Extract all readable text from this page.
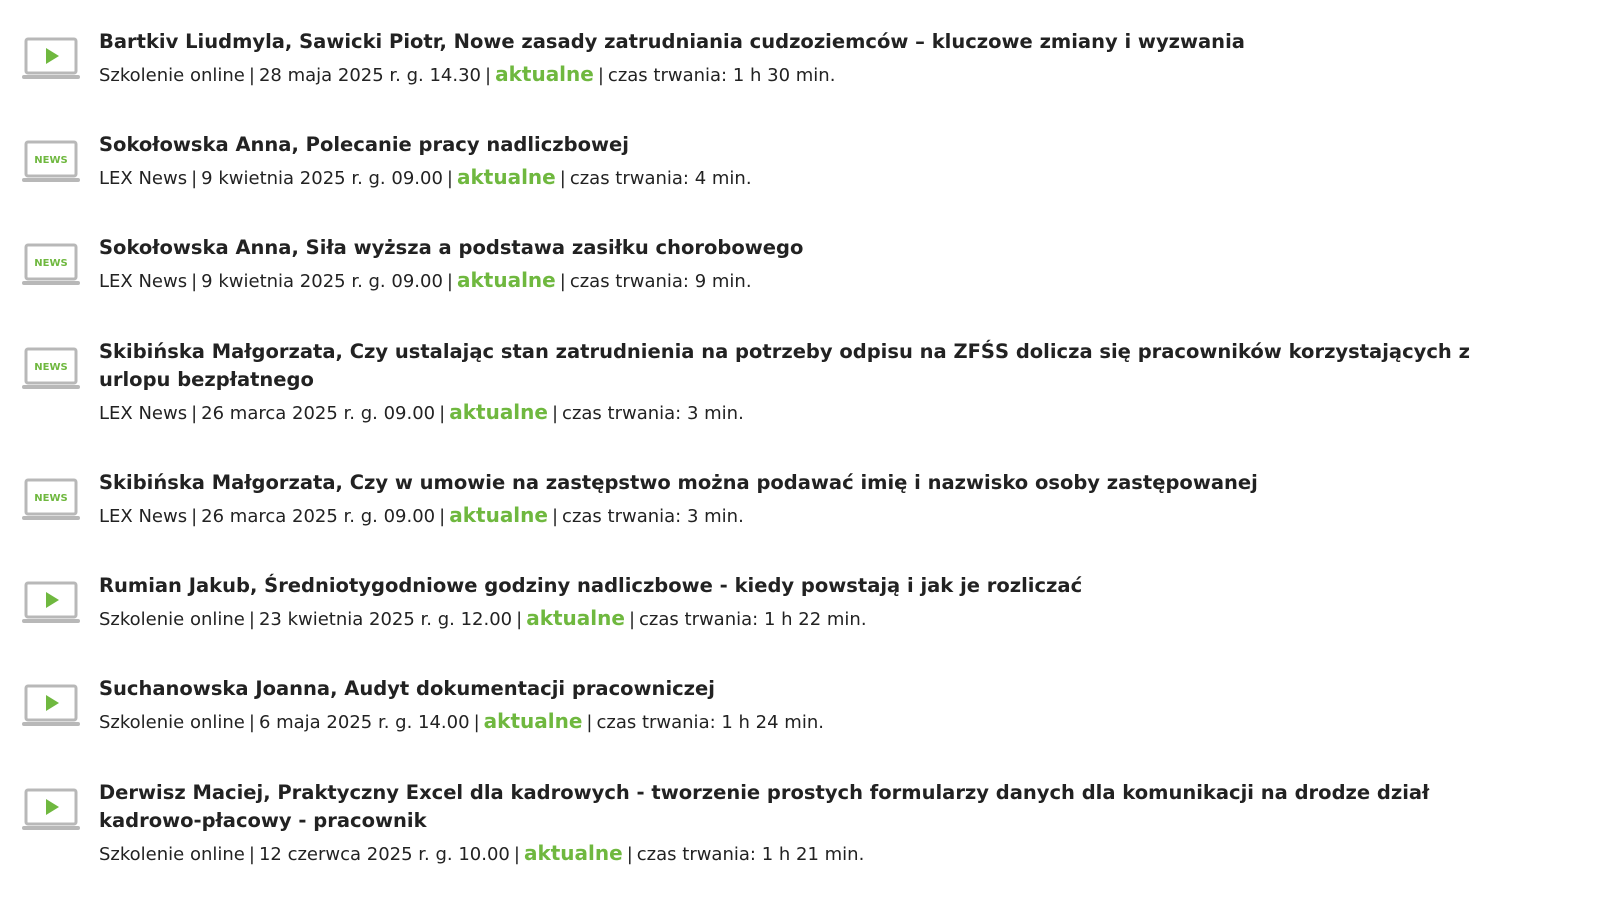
Bartkiv Liudmyla, Sawicki Piotr, Nowe zasady zatrudniania cudzoziemców – kluczowe zmiany i wyzwania
Szkolenie online | 28 maja 2025 r. g. 14.30 | aktualne | czas trwania: 1 h 30 min.
NEWS
Sokołowska Anna, Polecanie pracy nadliczbowej
LEX News | 9 kwietnia 2025 r. g. 09.00 | aktualne | czas trwania: 4 min.
NEWS
Sokołowska Anna, Siła wyższa a podstawa zasiłku chorobowego
LEX News | 9 kwietnia 2025 r. g. 09.00 | aktualne | czas trwania: 9 min.
NEWS
Skibińska Małgorzata, Czy ustalając stan zatrudnienia na potrzeby odpisu na ZFŚS dolicza się pracowników korzystających z urlopu bezpłatnego
LEX News | 26 marca 2025 r. g. 09.00 | aktualne | czas trwania: 3 min.
NEWS
Skibińska Małgorzata, Czy w umowie na zastępstwo można podawać imię i nazwisko osoby zastępowanej
LEX News | 26 marca 2025 r. g. 09.00 | aktualne | czas trwania: 3 min.
Rumian Jakub, Średniotygodniowe godziny nadliczbowe - kiedy powstają i jak je rozliczać
Szkolenie online | 23 kwietnia 2025 r. g. 12.00 | aktualne | czas trwania: 1 h 22 min.
Suchanowska Joanna, Audyt dokumentacji pracowniczej
Szkolenie online | 6 maja 2025 r. g. 14.00 | aktualne | czas trwania: 1 h 24 min.
Derwisz Maciej, Praktyczny Excel dla kadrowych - tworzenie prostych formularzy danych dla komunikacji na drodze dział kadrowo-płacowy - pracownik
Szkolenie online | 12 czerwca 2025 r. g. 10.00 | aktualne | czas trwania: 1 h 21 min.
